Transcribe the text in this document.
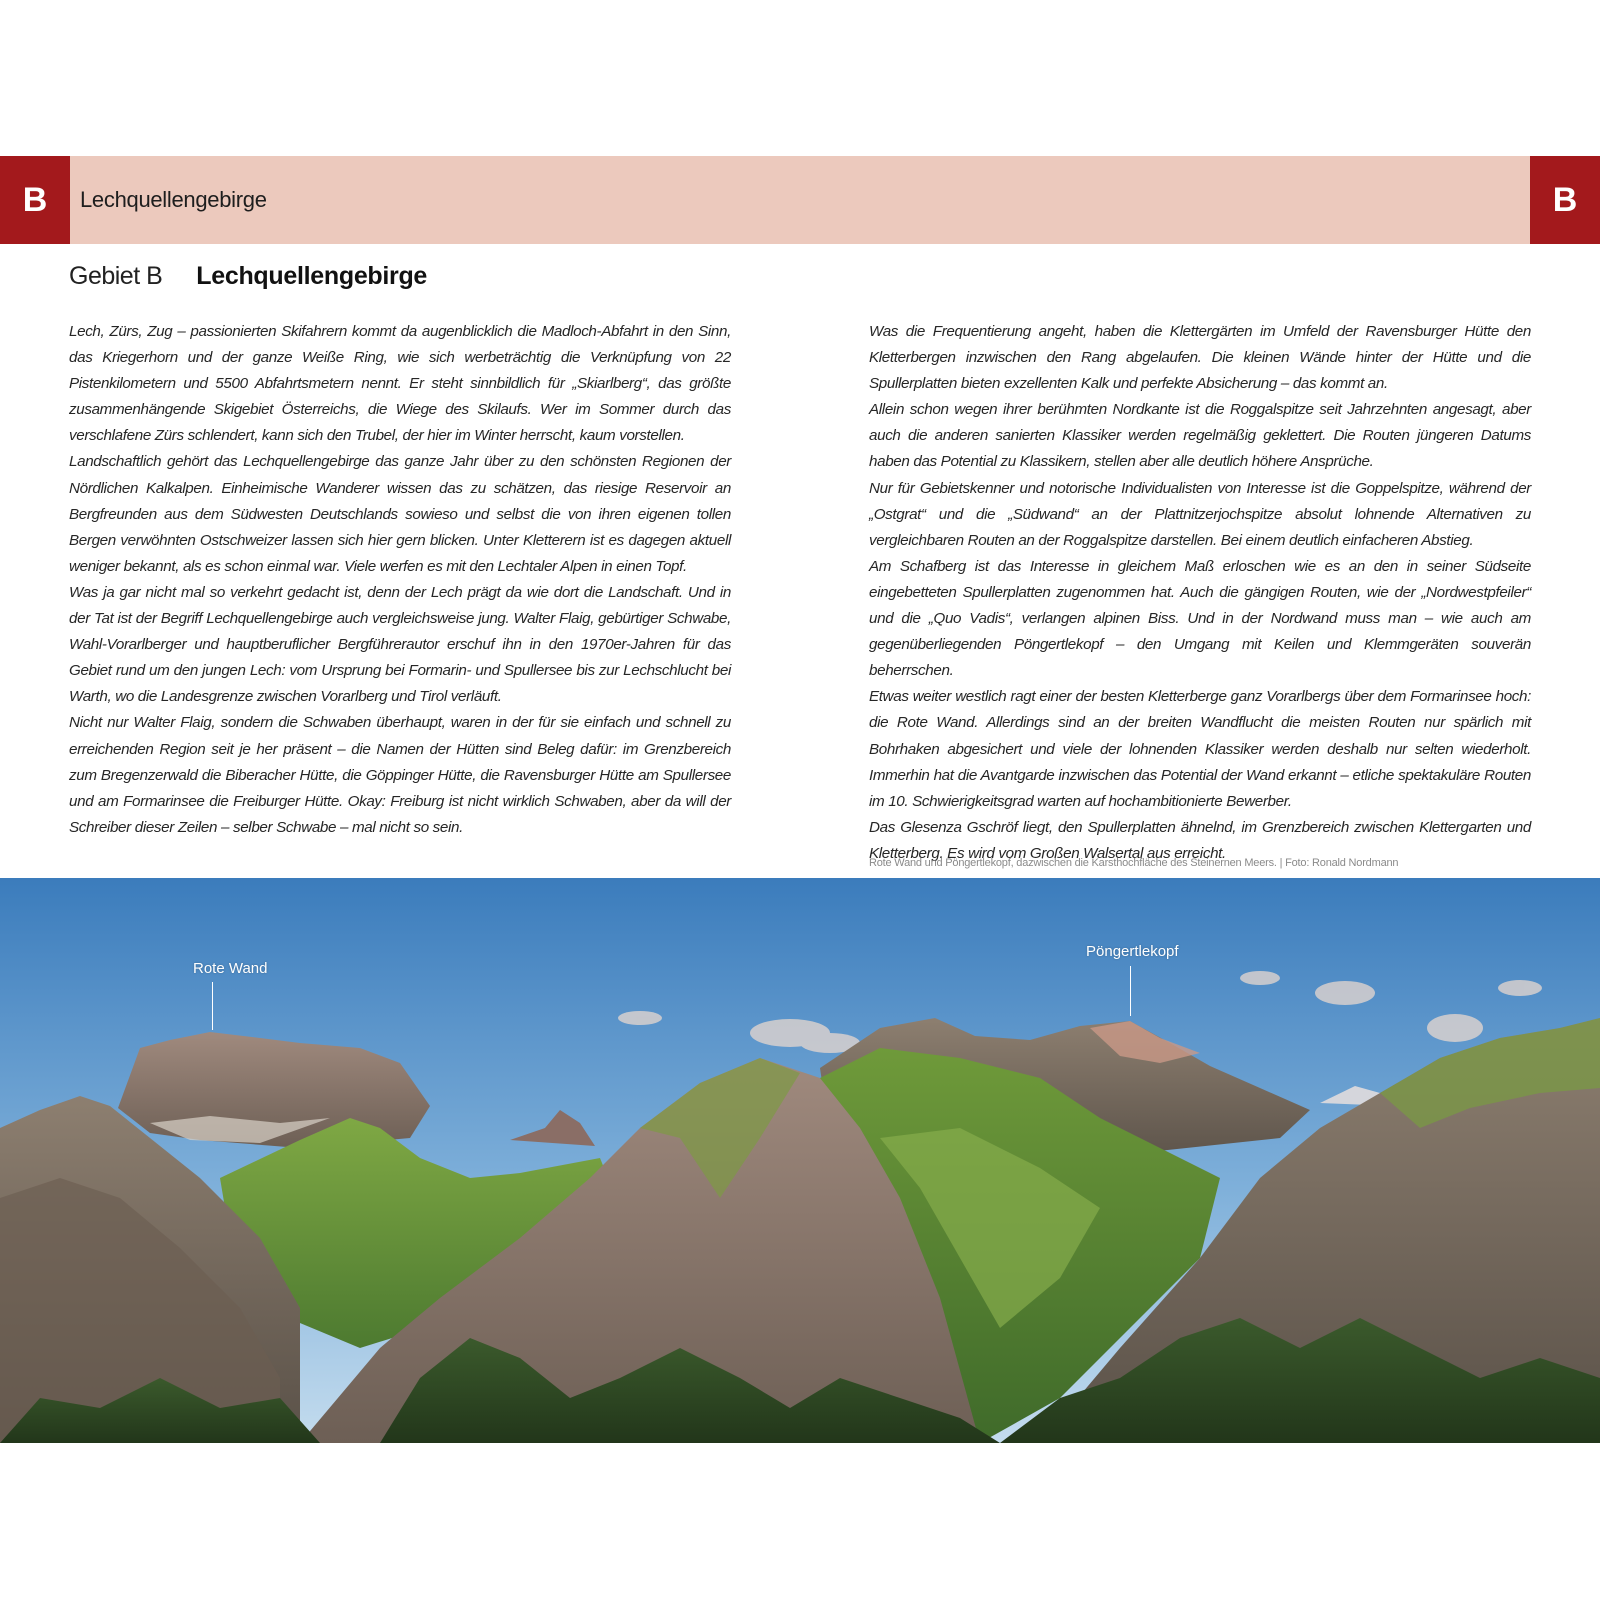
B	Lechquellengebirge	B
Gebiet B Lechquellengebirge

Lech, Zürs, Zug – passionierten Skifahrern kommt da augenblicklich die Madloch-Abfahrt in den Sinn, das Kriegerhorn und der ganze Weiße Ring, wie sich werbeträchtig die Verknüpfung von 22 Pistenkilometern und 5500 Abfahrtsmetern nennt. Er steht sinnbildlich für „Skiarlberg“, das größte zusammenhängende Skigebiet Österreichs, die Wiege des Skilaufs. Wer im Sommer durch das verschlafene Zürs schlendert, kann sich den Trubel, der hier im Winter herrscht, kaum vorstellen.

Landschaftlich gehört das Lechquellengebirge das ganze Jahr über zu den schönsten Regionen der Nördlichen Kalkalpen. Einheimische Wanderer wissen das zu schätzen, das riesige Reservoir an Bergfreunden aus dem Südwesten Deutschlands sowieso und selbst die von ihren eigenen tollen Bergen verwöhnten Ostschweizer lassen sich hier gern blicken. Unter Kletterern ist es dagegen aktuell weniger bekannt, als es schon einmal war. Viele werfen es mit den Lechtaler Alpen in einen Topf.

Was ja gar nicht mal so verkehrt gedacht ist, denn der Lech prägt da wie dort die Landschaft. Und in der Tat ist der Begriff Lechquellengebirge auch vergleichsweise jung. Walter Flaig, gebürtiger Schwabe, Wahl-Vorarlberger und hauptberuflicher Bergführerautor erschuf ihn in den 1970er-Jahren für das Gebiet rund um den jungen Lech: vom Ursprung bei Formarin- und Spullersee bis zur Lechschlucht bei Warth, wo die Landesgrenze zwischen Vorarlberg und Tirol verläuft.

Nicht nur Walter Flaig, sondern die Schwaben überhaupt, waren in der für sie einfach und schnell zu erreichenden Region seit je her präsent – die Namen der Hütten sind Beleg dafür: im Grenzbereich zum Bregenzerwald die Biberacher Hütte, die Göppinger Hütte, die Ravensburger Hütte am Spullersee und am Formarinsee die Freiburger Hütte. Okay: Freiburg ist nicht wirklich Schwaben, aber da will der Schreiber dieser Zeilen – selber Schwabe – mal nicht so sein.

Was die Frequentierung angeht, haben die Klettergärten im Umfeld der Ravensburger Hütte den Kletterbergen inzwischen den Rang abgelaufen. Die kleinen Wände hinter der Hütte und die Spullerplatten bieten exzellenten Kalk und perfekte Absicherung – das kommt an.

Allein schon wegen ihrer berühmten Nordkante ist die Roggalspitze seit Jahrzehnten angesagt, aber auch die anderen sanierten Klassiker werden regelmäßig geklettert. Die Routen jüngeren Datums haben das Potential zu Klassikern, stellen aber alle deutlich höhere Ansprüche.

Nur für Gebietskenner und notorische Individualisten von Interesse ist die Goppelspitze, während der „Ostgrat“ und die „Südwand“ an der Plattnitzerjochspitze absolut lohnende Alternativen zu vergleichbaren Routen an der Roggalspitze darstellen. Bei einem deutlich einfacheren Abstieg.

Am Schafberg ist das Interesse in gleichem Maß erloschen wie es an den in seiner Südseite eingebetteten Spullerplatten zugenommen hat. Auch die gängigen Routen, wie der „Nordwestpfeiler“ und die „Quo Vadis“, verlangen alpinen Biss. Und in der Nordwand muss man – wie auch am gegenüberliegenden Pöngertlekopf – den Umgang mit Keilen und Klemmgeräten souverän beherrschen.

Etwas weiter westlich ragt einer der besten Kletterberge ganz Vorarlbergs über dem Formarinsee hoch: die Rote Wand. Allerdings sind an der breiten Wandflucht die meisten Routen nur spärlich mit Bohrhaken abgesichert und viele der lohnenden Klassiker werden deshalb nur selten wiederholt. Immerhin hat die Avantgarde inzwischen das Potential der Wand erkannt – etliche spektakuläre Routen im 10. Schwierigkeitsgrad warten auf hochambitionierte Bewerber.

Das Glesenza Gschröf liegt, den Spullerplatten ähnelnd, im Grenzbereich zwischen Klettergarten und Kletterberg. Es wird vom Großen Walsertal aus erreicht.

Rote Wand und Pöngertlekopf, dazwischen die Karsthochfläche des Steinernen Meers. | Foto: Ronald Nordmann
Rote Wand
Pöngertlekopf
